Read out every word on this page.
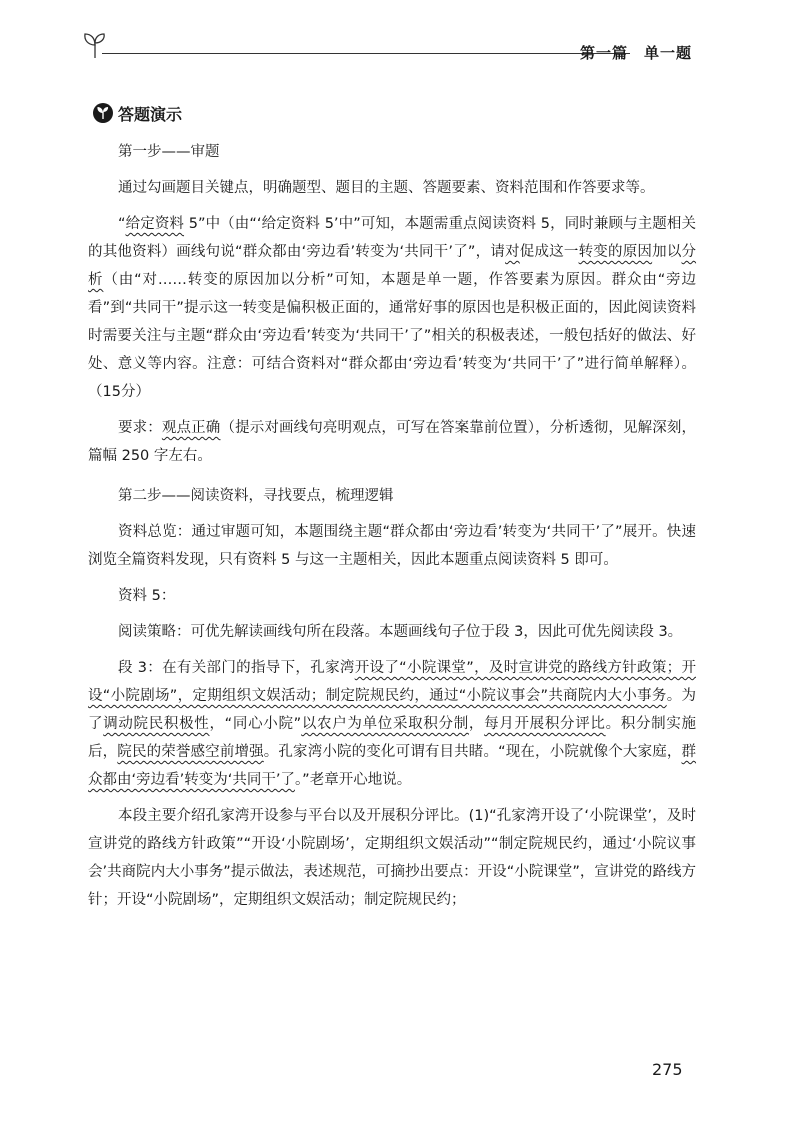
第一篇　单一题
答题演示

第一步——审题

通过勾画题目关键点，明确题型、题目的主题、答题要素、资料范围和作答要求等。

“给定资料 5”中（由“‘给定资料 5’中”可知，本题需重点阅读资料 5，同时兼顾与主题相关的其他资料）画线句说“群众都由‘旁边看’转变为‘共同干’了”，请对促成这一转变的原因加以分析（由“对……转变的原因加以分析”可知，本题是单一题，作答要素为原因。群众由“旁边看”到“共同干”提示这一转变是偏积极正面的，通常好事的原因也是积极正面的，因此阅读资料时需要关注与主题“群众由‘旁边看’转变为‘共同干’了”相关的积极表述，一般包括好的做法、好处、意义等内容。注意：可结合资料对“群众都由‘旁边看’转变为‘共同干’了”进行简单解释）。（15分）

要求：观点正确（提示对画线句亮明观点，可写在答案靠前位置），分析透彻，见解深刻，篇幅 250 字左右。

第二步——阅读资料，寻找要点，梳理逻辑

资料总览：通过审题可知，本题围绕主题“群众都由‘旁边看’转变为‘共同干’了”展开。快速浏览全篇资料发现，只有资料 5 与这一主题相关，因此本题重点阅读资料 5 即可。

资料 5：

阅读策略：可优先解读画线句所在段落。本题画线句子位于段 3，因此可优先阅读段 3。

段 3：在有关部门的指导下，孔家湾开设了“小院课堂”，及时宣讲党的路线方针政策；开设“小院剧场”，定期组织文娱活动；制定院规民约，通过“小院议事会”共商院内大小事务。为了调动院民积极性，“同心小院”以农户为单位采取积分制，每月开展积分评比。积分制实施后，院民的荣誉感空前增强。孔家湾小院的变化可谓有目共睹。“现在，小院就像个大家庭，群众都由‘旁边看’转变为‘共同干’了。”老章开心地说。

本段主要介绍孔家湾开设参与平台以及开展积分评比。(1)“孔家湾开设了‘小院课堂’，及时宣讲党的路线方针政策”“开设‘小院剧场’，定期组织文娱活动”“制定院规民约，通过‘小院议事会’共商院内大小事务”提示做法，表述规范，可摘抄出要点：开设“小院课堂”，宣讲党的路线方针；开设“小院剧场”，定期组织文娱活动；制定院规民约；

275
